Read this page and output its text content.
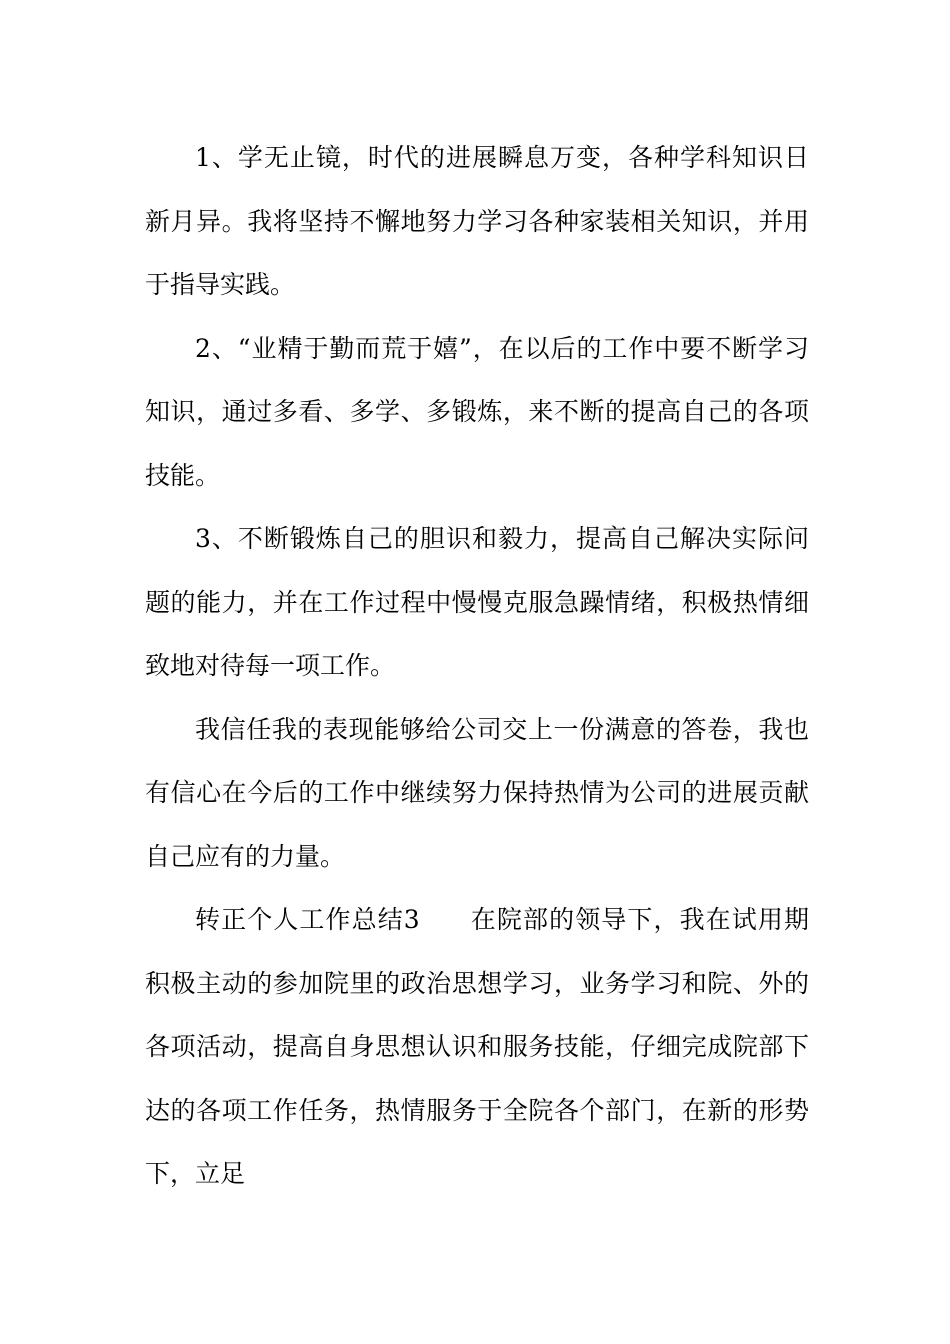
1、学无止镜，时代的进展瞬息万变，各种学科知识日新月异。我将坚持不懈地努力学习各种家装相关知识，并用于指导实践。

2、“业精于勤而荒于嬉”，在以后的工作中要不断学习知识，通过多看、多学、多锻炼，来不断的提高自己的各项技能。

3、不断锻炼自己的胆识和毅力，提高自己解决实际问题的能力，并在工作过程中慢慢克服急躁情绪，积极热情细致地对待每一项工作。

我信任我的表现能够给公司交上一份满意的答卷，我也有信心在今后的工作中继续努力保持热情为公司的进展贡献自己应有的力量。

转正个人工作总结3 在院部的领导下，我在试用期积极主动的参加院里的政治思想学习，业务学习和院、外的各项活动，提高自身思想认识和服务技能，仔细完成院部下达的各项工作任务，热情服务于全院各个部门，在新的形势下，立足
